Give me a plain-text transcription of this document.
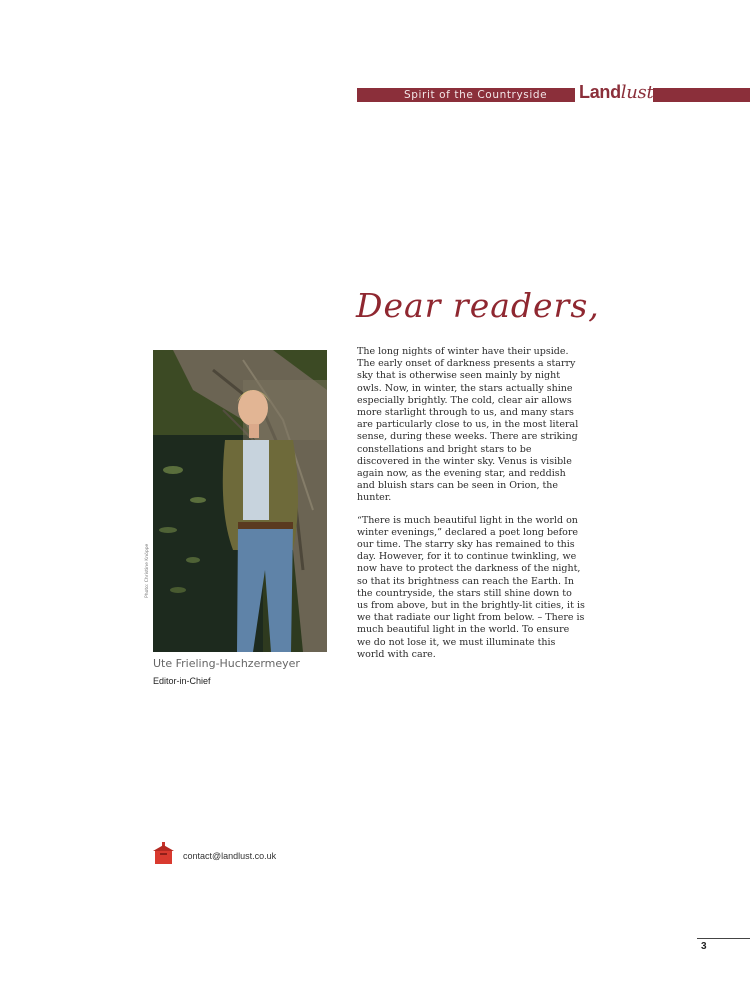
Spirit of the Countryside Landlust
Dear readers,
Photo: Christine Knöppe
Ute Frieling-Huchzermeyer
Editor-in-Chief

The long nights of winter have their upside. The early onset of darkness presents a starry sky that is otherwise seen mainly by night owls. Now, in winter, the stars actually shine especially brightly. The cold, clear air allows more starlight through to us, and many stars are particularly close to us, in the most literal sense, during these weeks. There are striking constellations and bright stars to be discovered in the winter sky. Venus is visible again now, as the evening star, and reddish and bluish stars can be seen in Orion, the hunter.

“There is much beautiful light in the world on winter evenings,” declared a poet long before our time. The starry sky has remained to this day. However, for it to continue twinkling, we now have to protect the darkness of the night, so that its brightness can reach the Earth. In the countryside, the stars still shine down to us from above, but in the brightly-lit cities, it is we that radiate our light from below. – There is much beautiful light in the world. To ensure we do not lose it, we must illuminate this world with care.

contact@landlust.co.uk
3
